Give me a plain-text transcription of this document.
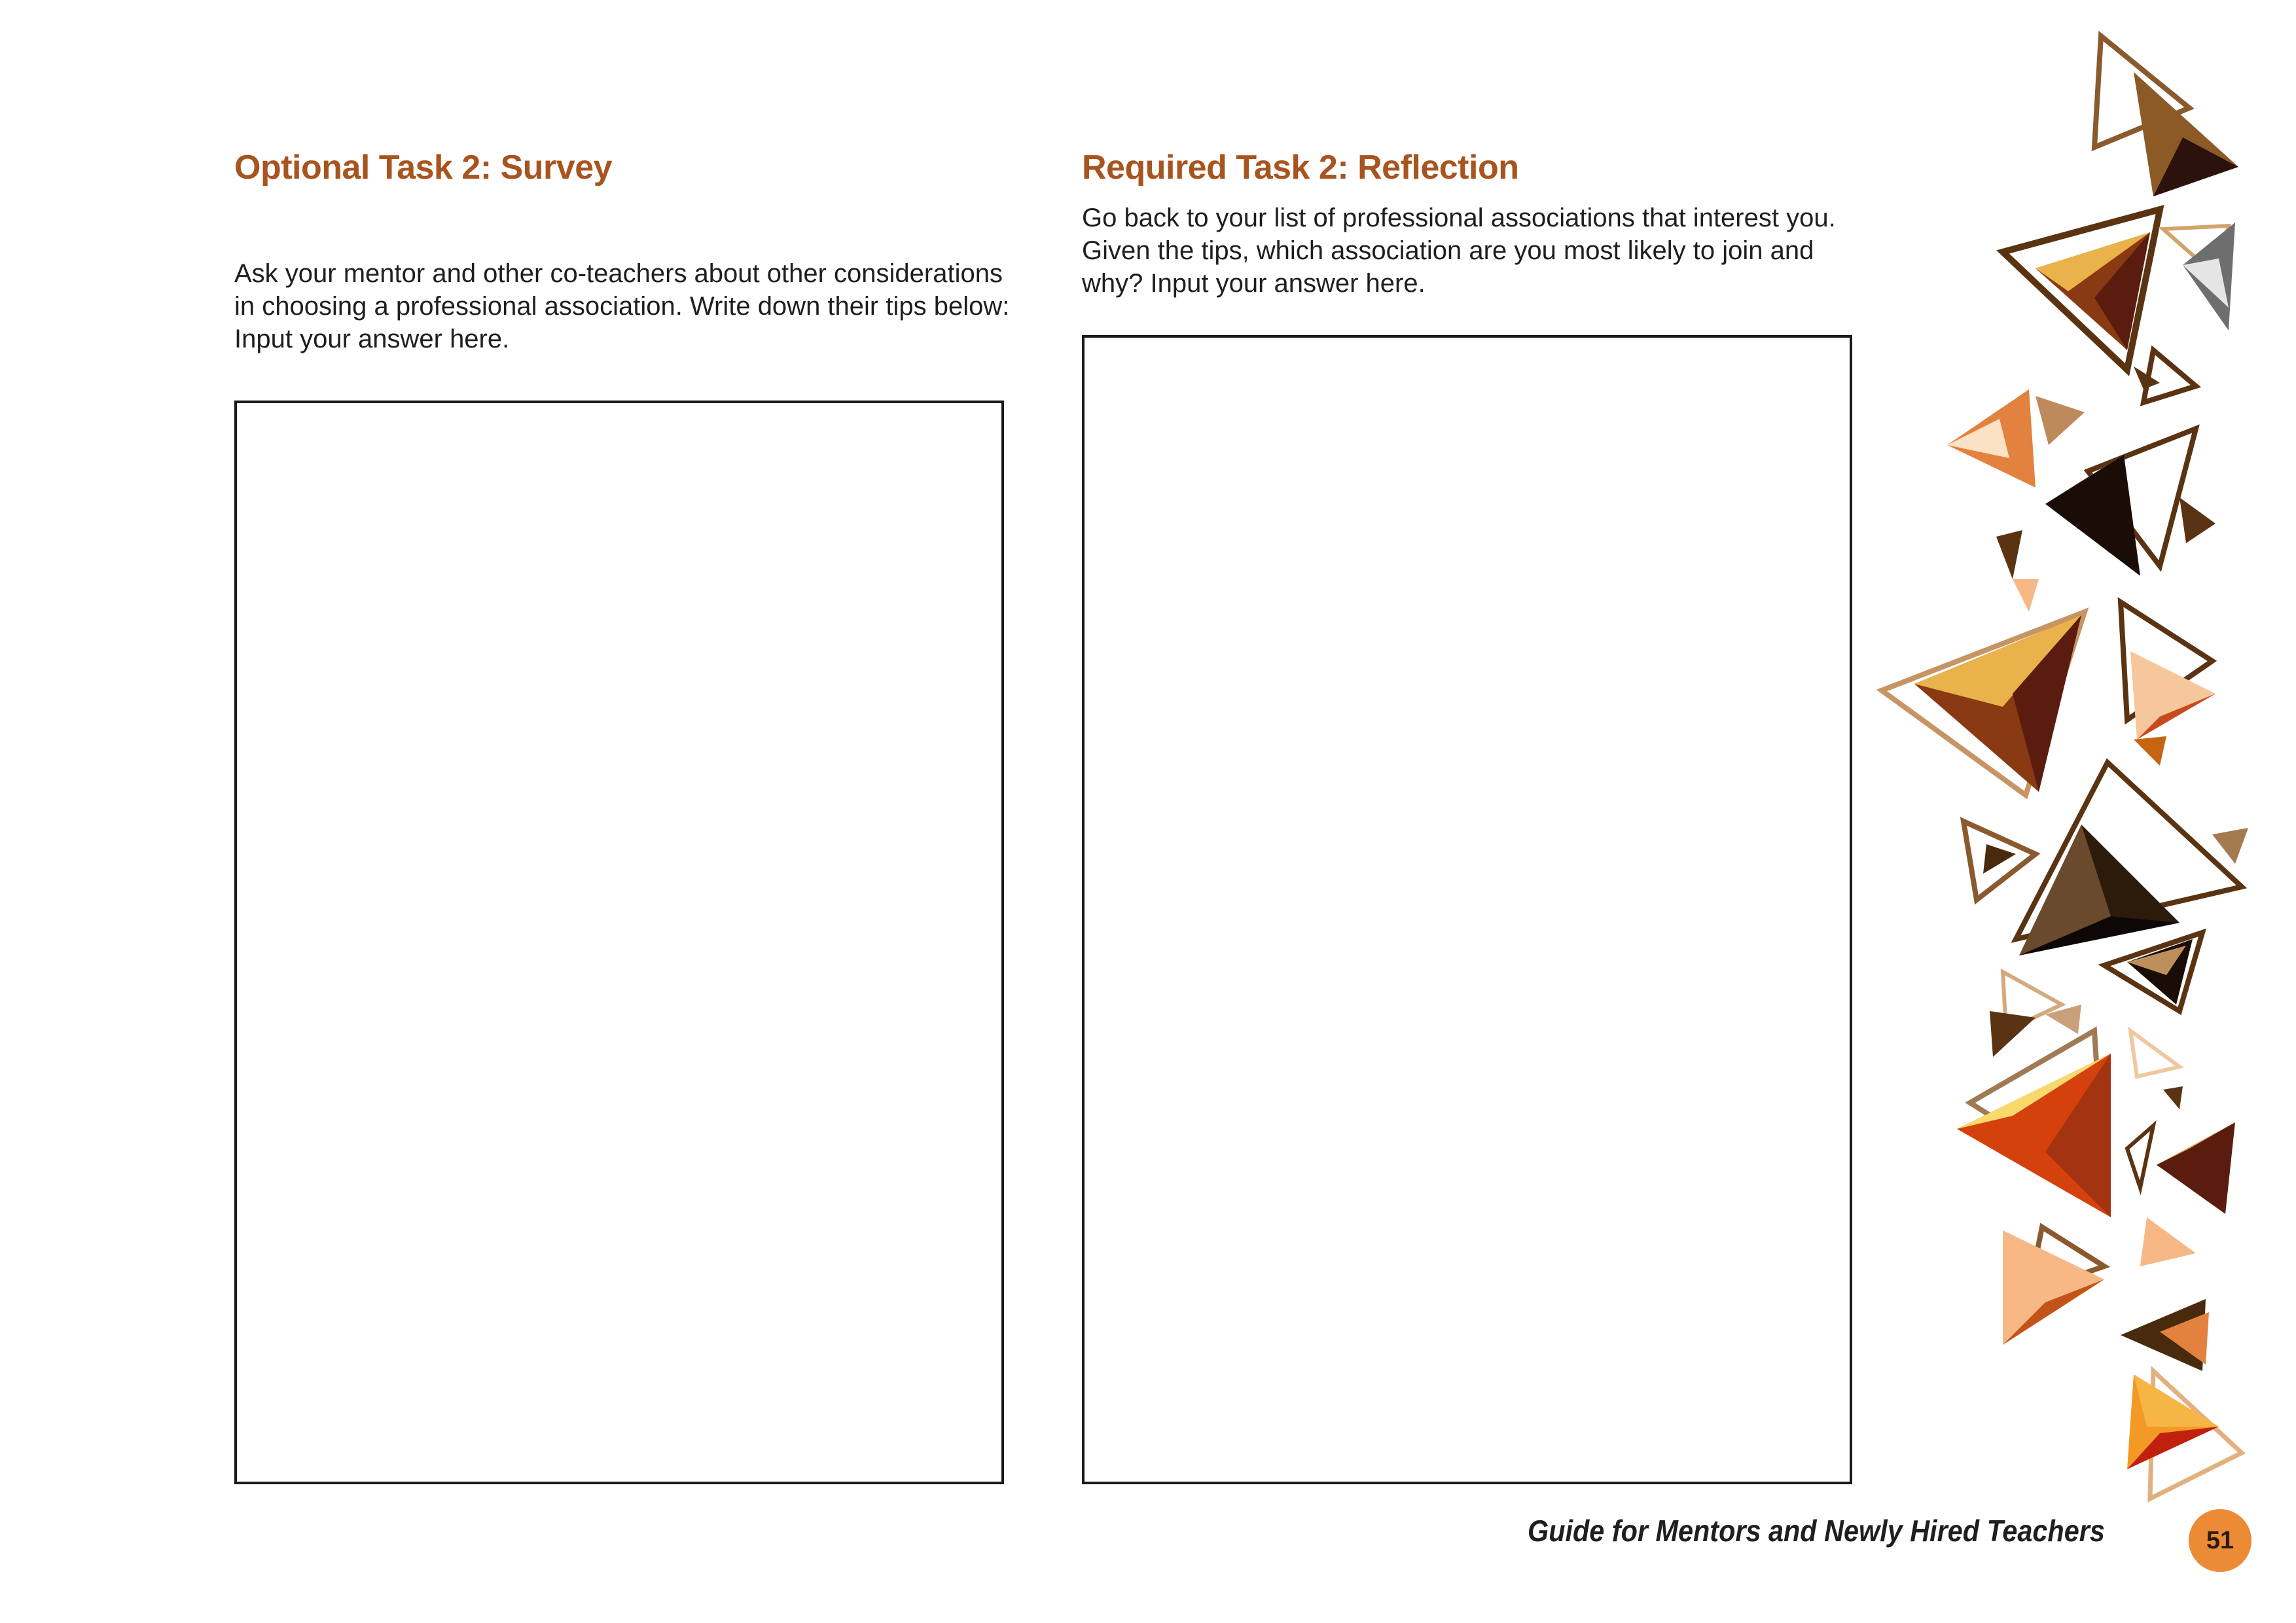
Optional Task 2: Survey

Ask your mentor and other co-teachers about other considerations
in choosing a professional association. Write down their tips below:
Input your answer here.

Required Task 2: Reflection

Go back to your list of professional associations that interest you.
Given the tips, which association are you most likely to join and
why? Input your answer here.

Guide for Mentors and Newly Hired Teachers	51
